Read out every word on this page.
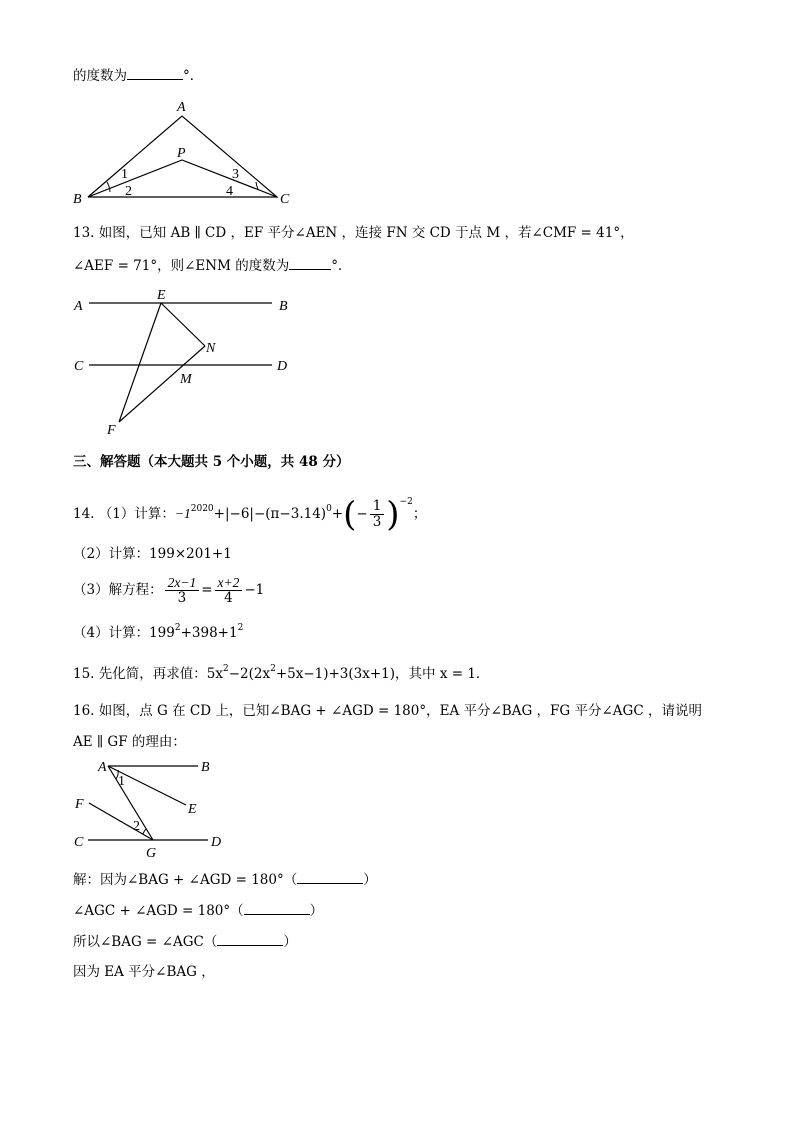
的度数为	°．
A
B	C
P
1
2
3
4
13. 如图，已知 AB ∥ CD ，EF 平分∠AEN ，连接 FN 交 CD 于点 M ，若∠CMF = 41°，
∠AEF = 71°，则∠ENM 的度数为	°．
A	B
C	D
E
N
M
F
三、解答题（本大题共 5 个小题，共 48 分）
14. （1）计算：$-1^{2020}+|-6|-(\pi-3.14)^0+(- \frac{1}{3} )^{-2}$；
（2）计算：199×201+1
（3）解方程： $\frac{2x-1}{3} = \frac{x+2}{4} -1$
（4）计算：$199^2+398+1^2$
15. 先化简，再求值：$5x^2-2(2x^2+5x-1)+3(3x+1)$，其中 x = 1．
16. 如图，点 G 在 CD 上，已知∠BAG + ∠AGD = 180°，EA 平分∠BAG ，FG 平分∠AGC ，请说明
AE ∥ GF 的理由：
A	B
E
F
C	D
G
1
2
解：因为∠BAG + ∠AGD = 180°（	）
∠AGC + ∠AGD = 180°（	）
所以∠BAG = ∠AGC（	）
因为 EA 平分∠BAG ，
